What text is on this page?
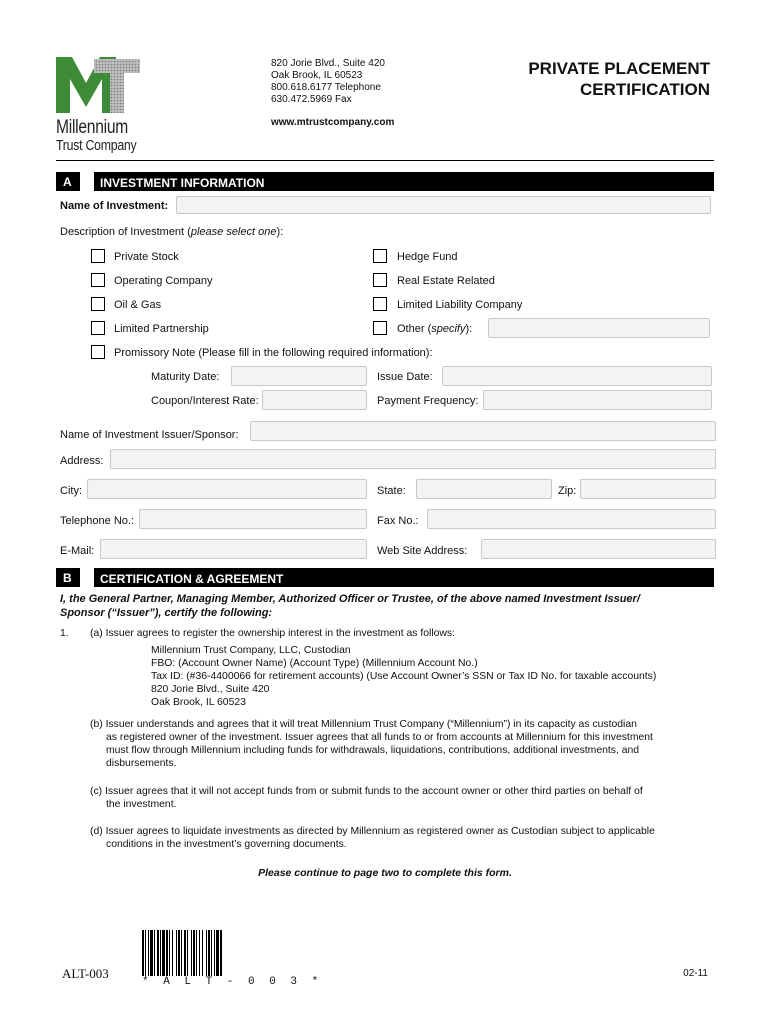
Millennium
Trust Company
820 Jorie Blvd., Suite 420
Oak Brook, IL 60523
800.618.6177 Telephone
630.472.5969 Fax
www.mtrustcompany.com
PRIVATE PLACEMENT
CERTIFICATION
A INVESTMENT INFORMATION
Name of Investment:
Description of Investment (please select one):
Private Stock
Operating Company
Oil & Gas
Limited Partnership
Hedge Fund
Real Estate Related
Limited Liability Company
Other (specify):
Promissory Note (Please fill in the following required information):
Maturity Date:	Issue Date:
Coupon/Interest Rate:	Payment Frequency:
Name of Investment Issuer/Sponsor:
Address:
City:	State:	Zip:
Telephone No.:	Fax No.:
E-Mail:	Web Site Address:
B CERTIFICATION & AGREEMENT
I, the General Partner, Managing Member, Authorized Officer or Trustee, of the above named Investment Issuer/
Sponsor (“Issuer”), certify the following:
1. (a) Issuer agrees to register the ownership interest in the investment as follows:
Millennium Trust Company, LLC, Custodian
FBO: (Account Owner Name) (Account Type) (Millennium Account No.)
Tax ID: (#36-4400066 for retirement accounts) (Use Account Owner’s SSN or Tax ID No. for taxable accounts)
820 Jorie Blvd., Suite 420
Oak Brook, IL 60523
(b) Issuer understands and agrees that it will treat Millennium Trust Company (“Millennium”) in its capacity as custodian
as registered owner of the investment. Issuer agrees that all funds to or from accounts at Millennium for this investment
must flow through Millennium including funds for withdrawals, liquidations, contributions, additional investments, and
disbursements.
(c) Issuer agrees that it will not accept funds from or submit funds to the account owner or other third parties on behalf of
the investment.
(d) Issuer agrees to liquidate investments as directed by Millennium as registered owner as Custodian subject to applicable
conditions in the investment’s governing documents.
Please continue to page two to complete this form.
ALT-003
* A L T - 0 0 3 *
02-11
